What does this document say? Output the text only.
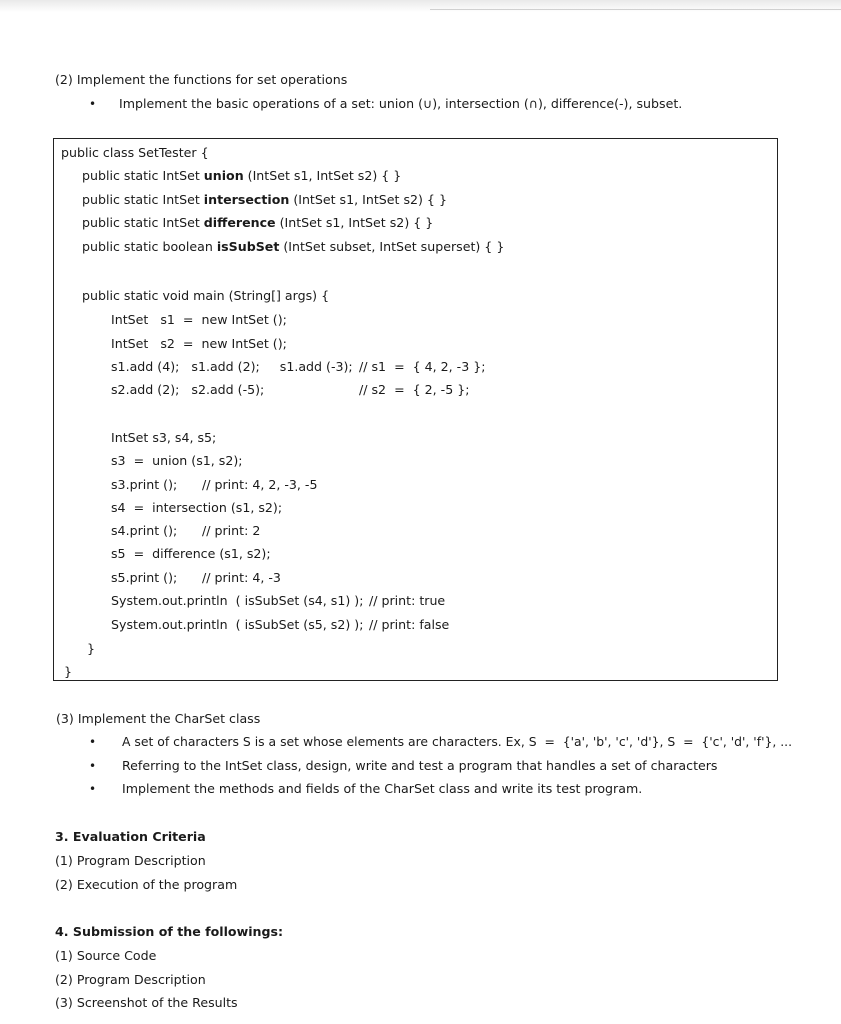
(2) Implement the functions for set operations
• Implement the basic operations of a set: union (∪), intersection (∩), difference(-), subset.
public class SetTester {
public static IntSet union (IntSet s1, IntSet s2) { }
public static IntSet intersection (IntSet s1, IntSet s2) { }
public static IntSet difference (IntSet s1, IntSet s2) { }
public static boolean isSubSet (IntSet subset, IntSet superset) { }
public static void main (String[] args) {
IntSet   s1  =  new IntSet ();
IntSet   s2  =  new IntSet ();
s1.add (4);   s1.add (2);     s1.add (-3); // s1  =  { 4, 2, -3 };
s2.add (2);   s2.add (-5);	// s2  =  { 2, -5 };
IntSet s3, s4, s5;
s3  =  union (s1, s2);
s3.print (); // print: 4, 2, -3, -5
s4  =  intersection (s1, s2);
s4.print (); // print: 2
s5  =  difference (s1, s2);
s5.print (); // print: 4, -3
System.out.println  ( isSubSet (s4, s1) ); // print: true
System.out.println  ( isSubSet (s5, s2) ); // print: false
}
}
(3) Implement the CharSet class
• A set of characters S is a set whose elements are characters. Ex, S  =  {'a', 'b', 'c', 'd'}, S  =  {'c', 'd', 'f'}, ...
• Referring to the IntSet class, design, write and test a program that handles a set of characters
• Implement the methods and fields of the CharSet class and write its test program.
3. Evaluation Criteria
(1) Program Description
(2) Execution of the program
4. Submission of the followings:
(1) Source Code
(2) Program Description
(3) Screenshot of the Results
